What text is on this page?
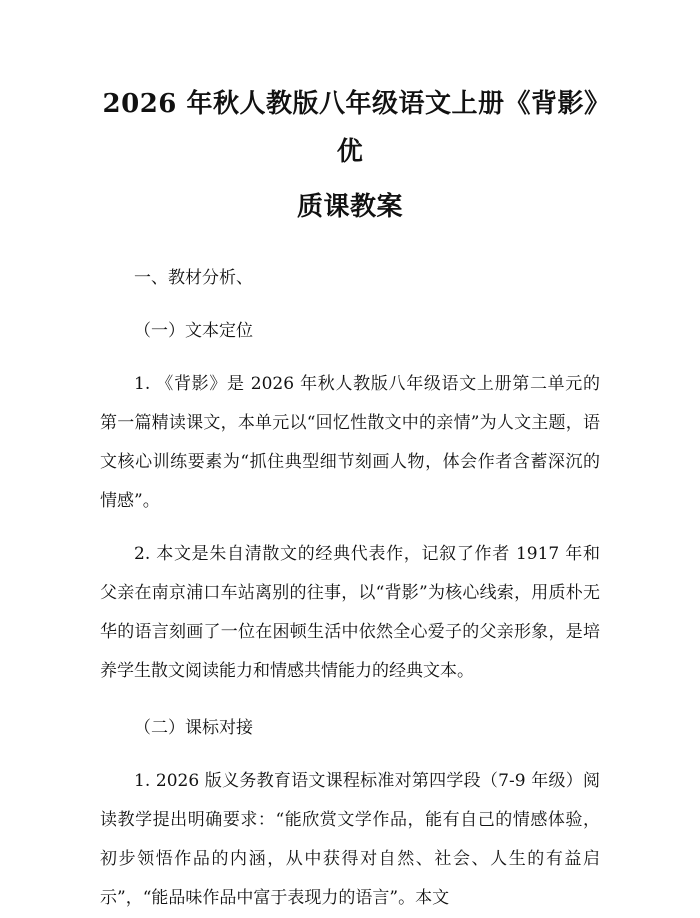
2026 年秋人教版八年级语文上册《背影》优
质课教案

一、教材分析、

（一）文本定位

1. 《背影》是 2026 年秋人教版八年级语文上册第二单元的第一篇精读课文，本单元以“回忆性散文中的亲情”为人文主题，语文核心训练要素为“抓住典型细节刻画人物，体会作者含蓄深沉的情感”。

2. 本文是朱自清散文的经典代表作，记叙了作者 1917 年和父亲在南京浦口车站离别的往事，以“背影”为核心线索，用质朴无华的语言刻画了一位在困顿生活中依然全心爱子的父亲形象，是培养学生散文阅读能力和情感共情能力的经典文本。

（二）课标对接

1. 2026 版义务教育语文课程标准对第四学段（7-9 年级）阅读教学提出明确要求：“能欣赏文学作品，能有自己的情感体验，初步领悟作品的内涵，从中获得对自然、社会、人生的有益启示”，“能品味作品中富于表现力的语言”。本文
